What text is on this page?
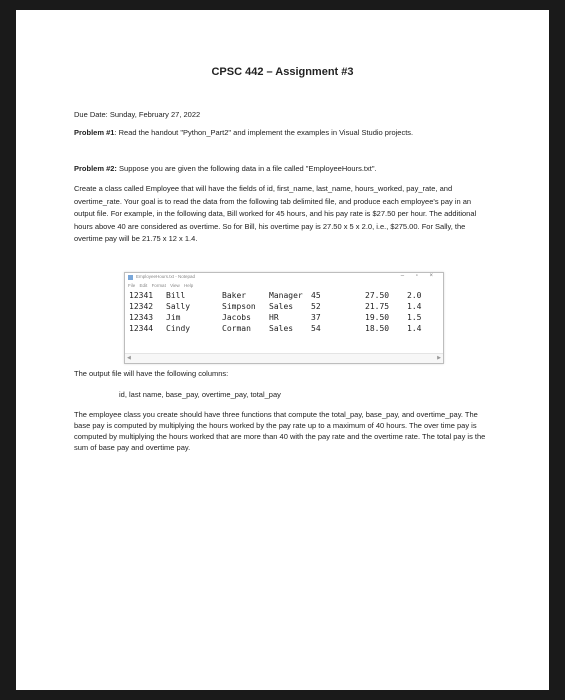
CPSC 442 – Assignment #3
Due Date: Sunday, February 27, 2022

Problem #1: Read the handout "Python_Part2" and implement the examples in Visual Studio projects.

Problem #2: Suppose you are given the following data in a file called "EmployeeHours.txt".

Create a class called Employee that will have the fields of id, first_name, last_name, hours_worked, pay_rate, and overtime_rate. Your goal is to read the data from the following tab delimited file, and produce each employee's pay in an output file. For example, in the following data, Bill worked for 45 hours, and his pay rate is $27.50 per hour. The additional hours above 40 are considered as overtime. So for Bill, his overtime pay is 27.50 x 5 x 2.0, i.e., $275.00. For Sally, the overtime pay will be 21.75 x 12 x 1.4.

EmployeeHours.txt - Notepad	– ▫ ×
File Edit Format View Help
12341 Bill	Baker	Manager 45	27.50 2.0
12342 Sally	Simpson Sales 52	21.75 1.4
12343 Jim	Jacobs HR	37	19.50 1.5
12344 Cindy	Corman Sales 54	18.50 1.4
◀	▶

The output file will have the following columns:

id, last name, base_pay, overtime_pay, total_pay

The employee class you create should have three functions that compute the total_pay, base_pay, and overtime_pay. The base pay is computed by multiplying the hours worked by the pay rate up to a maximum of 40 hours. The over time pay is computed by multiplying the hours worked that are more than 40 with the pay rate and the overtime rate. The total pay is the sum of base pay and overtime pay.
